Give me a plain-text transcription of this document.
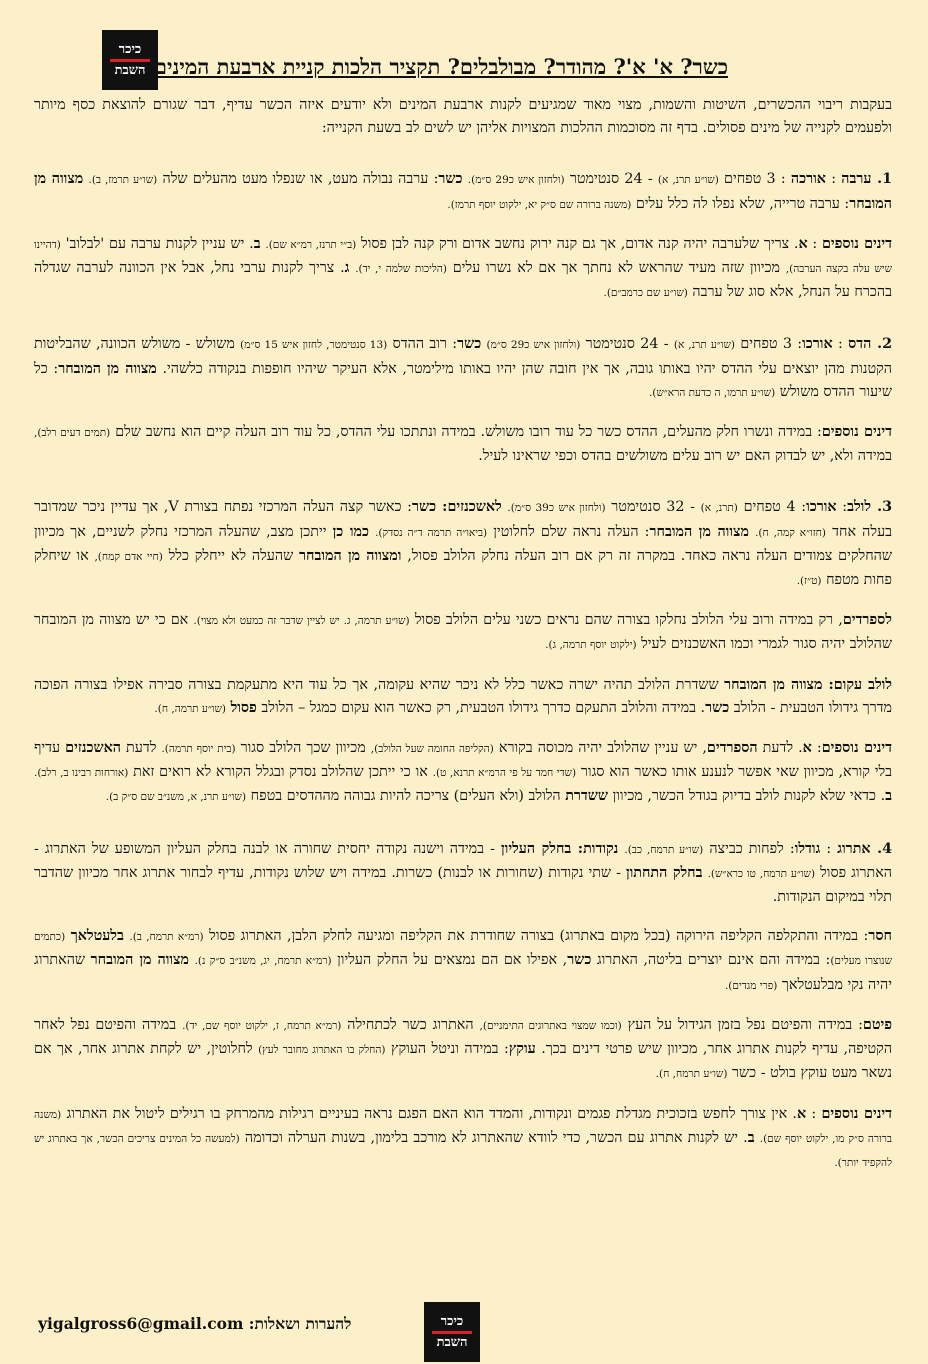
כיכר
השבת כשר? א' א'? מהודר? מבולבלים? תקציר הלכות קניית ארבעת המינים:

בעקבות ריבוי ההכשרים, השיטות והשמות, מצוי מאוד שמגיעים לקנות ארבעת המינים ולא יודעים איזה הכשר עדיף, דבר שגורם להוצאת כסף מיותר ולפעמים לקנייה של מינים פסולים. בדף זה מסוכמות ההלכות המצויות אליהן יש לשים לב בשעת הקנייה:

1. ערבה : אורכה : 3 טפחים (שו״ע תרנ, א) - 24 סנטימטר (ולחזון איש כ29 ס״מ). כשר: ערבה נבולה מעט, או שנפלו מעט מהעלים שלה (שו״ע תרמז, ב). מצווה מן המובחר: ערבה טרייה, שלא נפלו לה כלל עלים (משנה ברורה שם ס״ק יא, ילקוט יוסף תרמז).

דינים נוספים : א. צריך שלערבה יהיה קנה אדום, אך גם קנה ירוק נחשב אדום ורק קנה לבן פסול (ב״י תרנז, רמ״א שם). ב. יש עניין לקנות ערבה עם 'לבלוב' (דהיינו שיש עלה בקצה הערבה), מכיוון שזה מעיד שהראש לא נחתך אך אם לא נשרו עלים (הליכות שלמה י, יד). ג. צריך לקנות ערבי נחל, אבל אין הכוונה לערבה שגדלה בהכרח על הנחל, אלא סוג של ערבה (שו״ע שם כרמב״ם).

2. הדס : אורכו: 3 טפחים (שו״ע תרנ, א) - 24 סנטימטר (ולחזון איש כ29 ס״מ) כשר: רוב ההדס (13 סנטימטר, לחזון איש 15 ס״מ) משולש - משולש הכוונה, שהבליטות הקטנות מהן יוצאים עלי ההדס יהיו באותו גובה, אך אין חובה שהן יהיו באותו מילימטר, אלא העיקר שיהיו חופפות בנקודה כלשהי. מצווה מן המובחר: כל שיעור ההדס משולש (שו״ע תרמו, ה כדעת הרא״ש).

דינים נוספים: במידה ונשרו חלק מהעלים, ההדס כשר כל עוד רובו משולש. במידה ונתתכו עלי ההדס, כל עוד רוב העלה קיים הוא נחשב שלם (תמים דעים רלב), במידה ולא, יש לבדוק האם יש רוב עלים משולשים בהדס וכפי שראינו לעיל.

3. לולב: אורכו: 4 טפחים (תרנ, א) - 32 סנטימטר (ולחזון איש כ39 ס״מ). לאשכנזים: כשר: כאשר קצה העלה המרכזי נפתח בצורת V, אך עדיין ניכר שמדובר בעלה אחד (חזו״א קמה, ח). מצווה מן המובחר: העלה נראה שלם לחלוטין (ביאו״ה תרמה ד״ה נסדק). כמו כן ייתכן מצב, שהעלה המרכזי נחלק לשניים, אך מכיוון שהחלקים צמודים העלה נראה כאחד. במקרה זה רק אם רוב העלה נחלק הלולב פסול, ומצווה מן המובחר שהעלה לא ייחלק כלל (חיי אדם קמח), או שיחלק פחות מטפח (ט״ז).

לספרדים, רק במידה ורוב עלי הלולב נחלקו בצורה שהם נראים כשני עלים הלולב פסול (שו״ע תרמה, ג. יש לציין שדבר זה כמעט ולא מצוי). אם כי יש מצווה מן המובחר שהלולב יהיה סגור לגמרי וכמו האשכנזים לעיל (ילקוט יוסף תרמה, ג).

לולב עקום: מצווה מן המובחר ששדרת הלולב תהיה ישרה כאשר כלל לא ניכר שהיא עקומה, אך כל עוד היא מתעקמת בצורה סבירה אפילו בצורה הפוכה מדרך גידולו הטבעית - הלולב כשר. במידה והלולב התעקם כדרך גידולו הטבעית, רק כאשר הוא עקום כמגל – הלולב פסול (שו״ע תרמה, ח).

דינים נוספים: א. לדעת הספרדים, יש עניין שהלולב יהיה מכוסה בקורא (הקליפה החומה שעל הלולב), מכיוון שכך הלולב סגור (בית יוסף תרמה). לדעת האשכנזים עדיף בלי קורא, מכיוון שאי אפשר לנענע אותו כאשר הוא סגור (שדי חמד על פי הרמ״א תרנא, ט). או כי ייתכן שהלולב נסדק ובגלל הקורא לא רואים זאת (אורחות רבינו ב, רלב). ב. כדאי שלא לקנות לולב בדיוק בגודל הכשר, מכיוון ששדרת הלולב (ולא העלים) צריכה להיות גבוהה מההדסים בטפח (שו״ע תרנ, א, משנ״ב שם ס״ק ב).

4. אתרוג : גודלו: לפחות כביצה (שו״ע תרמח, כב). נקודות: בחלק העליון - במידה וישנה נקודה יחסית שחורה או לבנה בחלק העליון המשופע של האתרוג - האתרוג פסול (שו״ע תרמח, טו כרא״ש). בחלק התחתון - שתי נקודות (שחורות או לבנות) כשרות. במידה ויש שלוש נקודות, עדיף לבחור אתרוג אחר מכיוון שהדבר תלוי במיקום הנקודות.

חסר: במידה והתקלפה הקליפה הירוקה (בכל מקום באתרוג) בצורה שחודרת את הקליפה ומגיעה לחלק הלבן, האתרוג פסול (רמ״א תרמח, ב). בלעטלאך (כתמים שנוצרו מעלים): במידה והם אינם יוצרים בליטה, האתרוג כשר, אפילו אם הם נמצאים על החלק העליון (רמ״א תרמח, יג, משנ״ב ס״ק נ). מצווה מן המובחר שהאתרוג יהיה נקי מבלעטלאך (פרי מגדים).

פיטם: במידה והפיטם נפל בזמן הגידול על העץ (וכמו שמצוי באתרוגים התימניים), האתרוג כשר לכתחילה (רמ״א תרמח, ז, ילקוט יוסף שם, יד). במידה והפיטם נפל לאחר הקטיפה, עדיף לקנות אתרוג אחר, מכיוון שיש פרטי דינים בכך. עוקץ: במידה וניטל העוקץ (החלק בו האתרוג מחובר לעץ) לחלוטין, יש לקחת אתרוג אחר, אך אם נשאר מעט עוקץ בולט - כשר (שו״ע תרמח, ח).

דינים נוספים : א. אין צורך לחפש בזכוכית מגדלת פגמים ונקודות, והמדד הוא האם הפגם נראה בעיניים רגילות מהמרחק בו רגילים ליטול את האתרוג (משנה ברורה ס״ק מו, ילקוט יוסף שם). ב. יש לקנות אתרוג עם הכשר, כדי לוודא שהאתרוג לא מורכב בלימון, בשנות הערלה וכדומה (למעשה כל המינים צריכים הכשר, אך באתרוג יש להקפיד יותר).

להערות ושאלות: yigalgross6@gmail.com	כיכר
השבת
